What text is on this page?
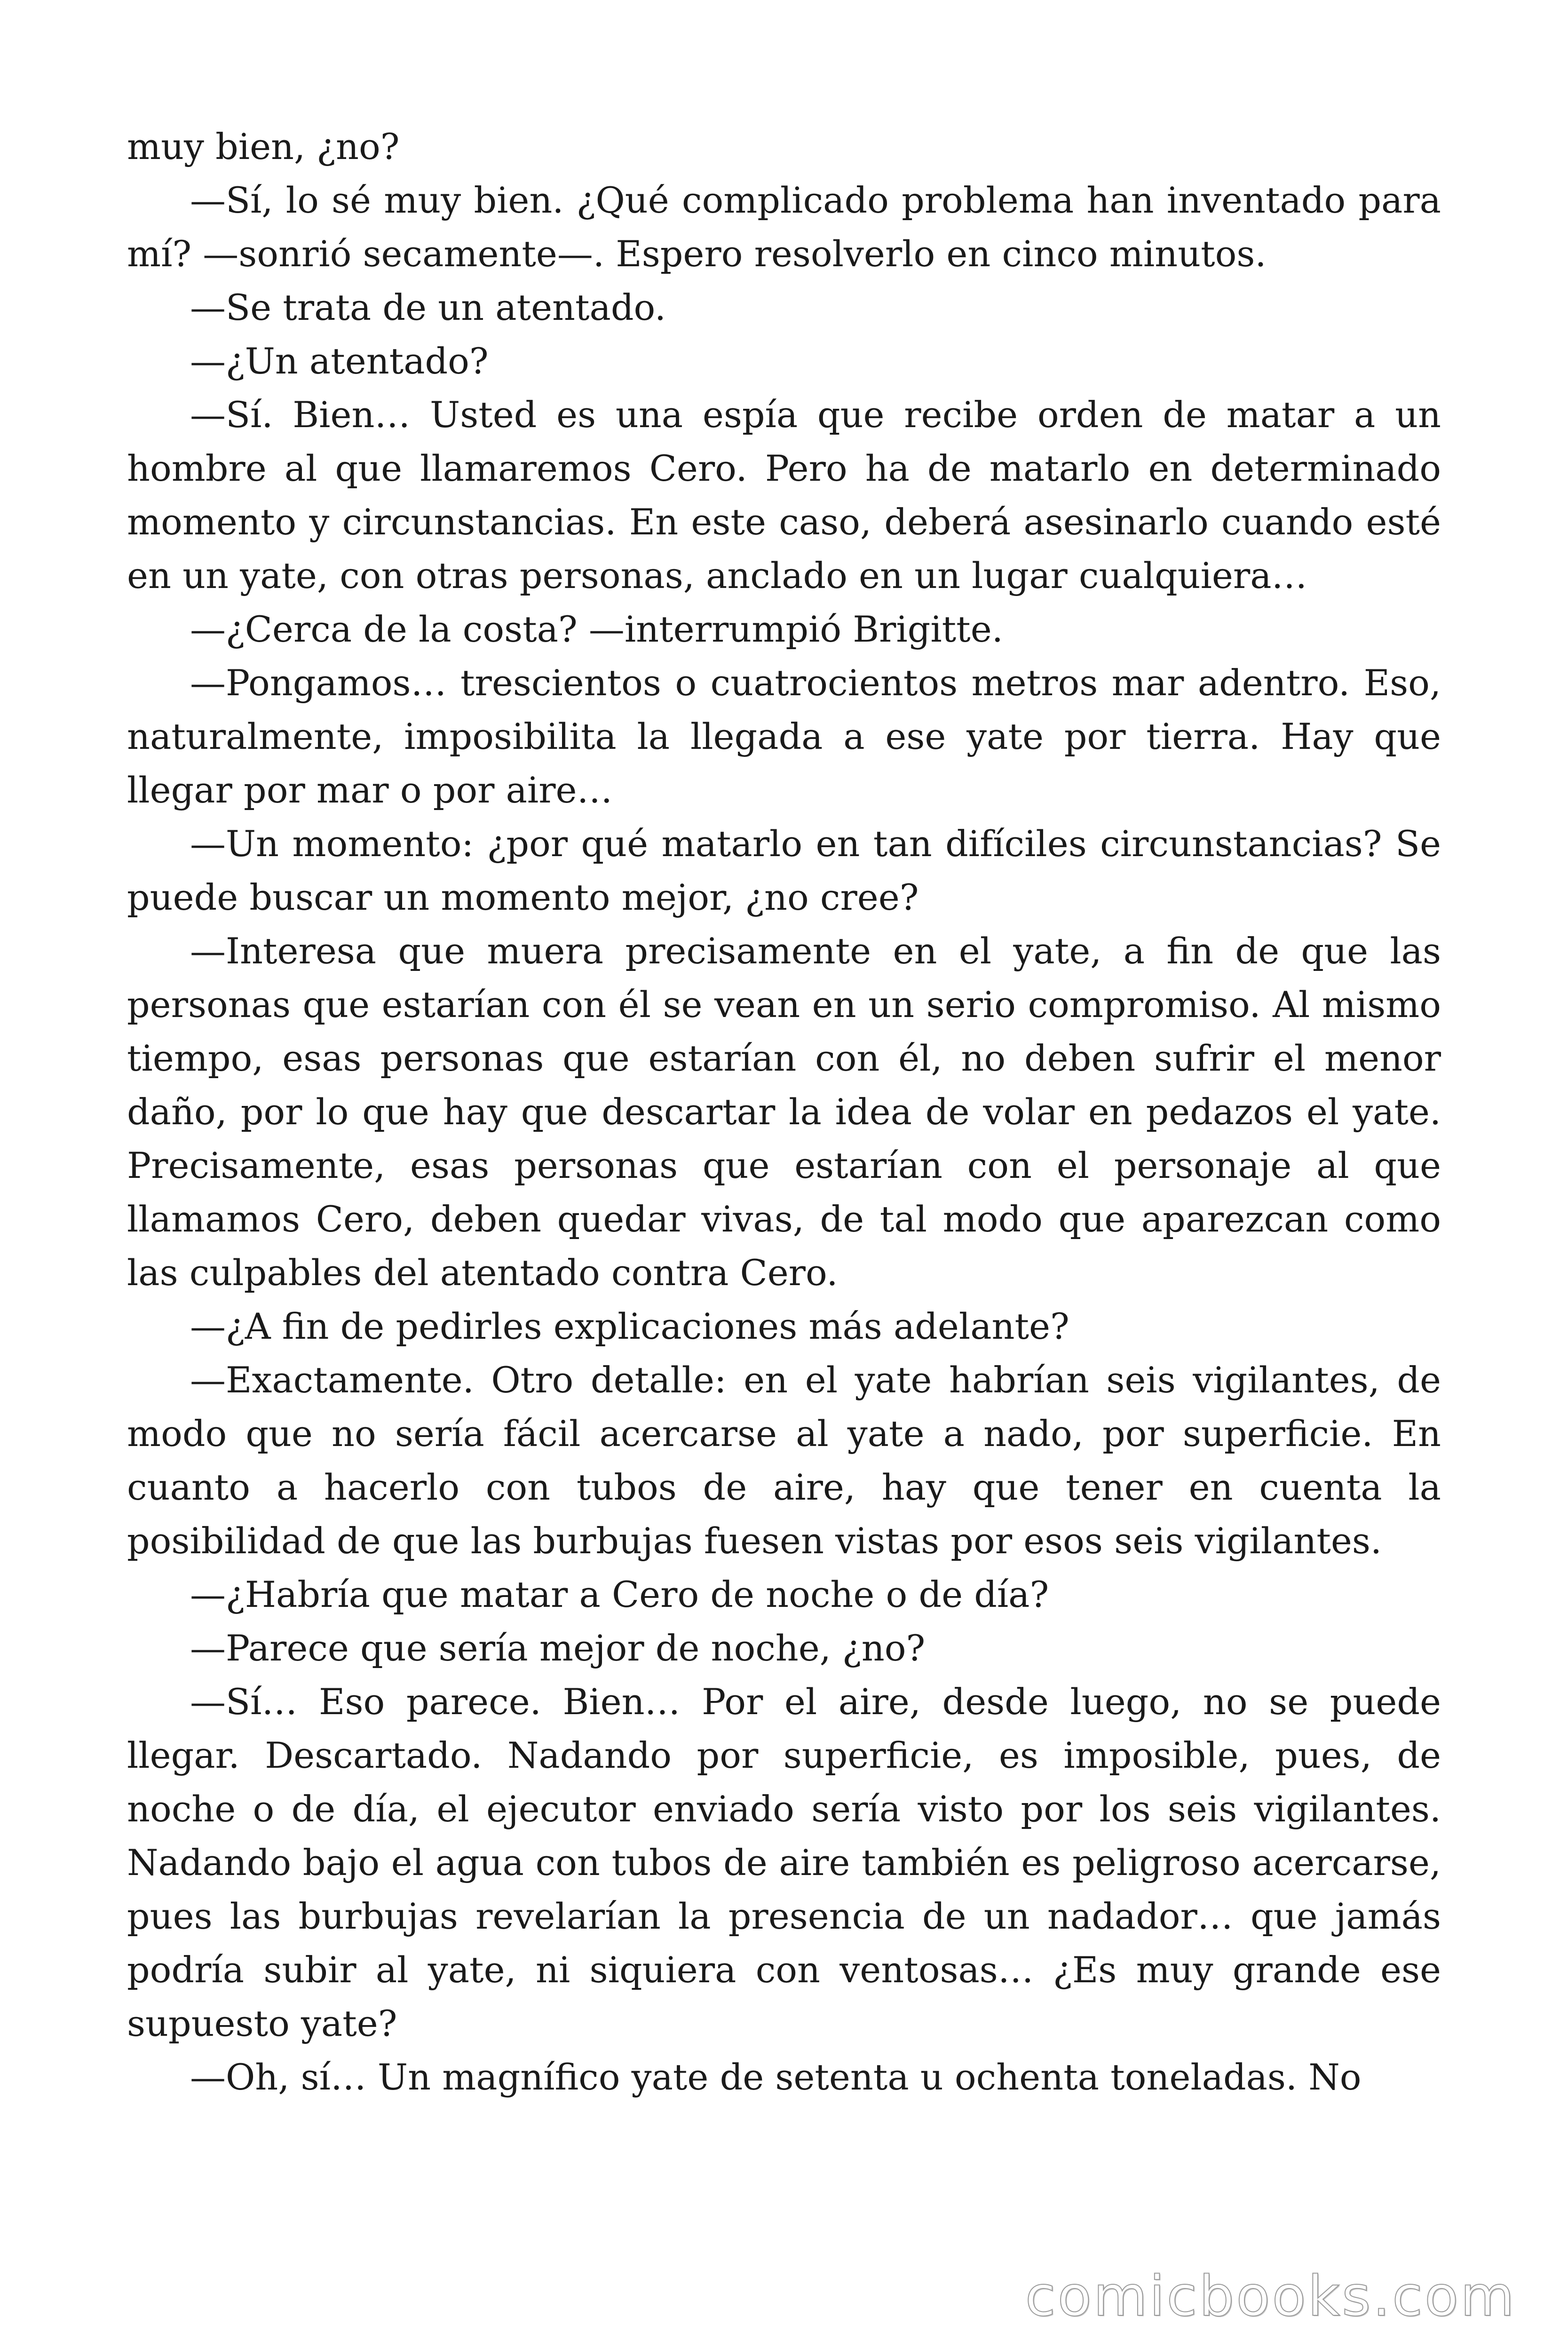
muy bien, ¿no?

—Sí, lo sé muy bien. ¿Qué complicado problema han inventado para mí? —sonrió secamente—. Espero resolverlo en cinco minutos.

—Se trata de un atentado.

—¿Un atentado?

—Sí. Bien… Usted es una espía que recibe orden de matar a un hombre al que llamaremos Cero. Pero ha de matarlo en determinado momento y circunstancias. En este caso, deberá asesinarlo cuando esté en un yate, con otras personas, anclado en un lugar cualquiera…

—¿Cerca de la costa? —interrumpió Brigitte.

—Pongamos… trescientos o cuatrocientos metros mar adentro. Eso, naturalmente, imposibilita la llegada a ese yate por tierra. Hay que llegar por mar o por aire…

—Un momento: ¿por qué matarlo en tan difíciles circunstancias? Se puede buscar un momento mejor, ¿no cree?

—Interesa que muera precisamente en el yate, a fin de que las personas que estarían con él se vean en un serio compromiso. Al mismo tiempo, esas personas que estarían con él, no deben sufrir el menor daño, por lo que hay que descartar la idea de volar en pedazos el yate. Precisamente, esas personas que estarían con el personaje al que llamamos Cero, deben quedar vivas, de tal modo que aparezcan como las culpables del atentado contra Cero.

—¿A fin de pedirles explicaciones más adelante?

—Exactamente. Otro detalle: en el yate habrían seis vigilantes, de modo que no sería fácil acercarse al yate a nado, por superficie. En cuanto a hacerlo con tubos de aire, hay que tener en cuenta la posibilidad de que las burbujas fuesen vistas por esos seis vigilantes.

—¿Habría que matar a Cero de noche o de día?

—Parece que sería mejor de noche, ¿no?

—Sí… Eso parece. Bien… Por el aire, desde luego, no se puede llegar. Descartado. Nadando por superficie, es imposible, pues, de noche o de día, el ejecutor enviado sería visto por los seis vigilantes. Nadando bajo el agua con tubos de aire también es peligroso acercarse, pues las burbujas revelarían la presencia de un nadador… que jamás podría subir al yate, ni siquiera con ventosas… ¿Es muy grande ese supuesto yate?

—Oh, sí… Un magnífico yate de setenta u ochenta toneladas. No

comicbooks.com
